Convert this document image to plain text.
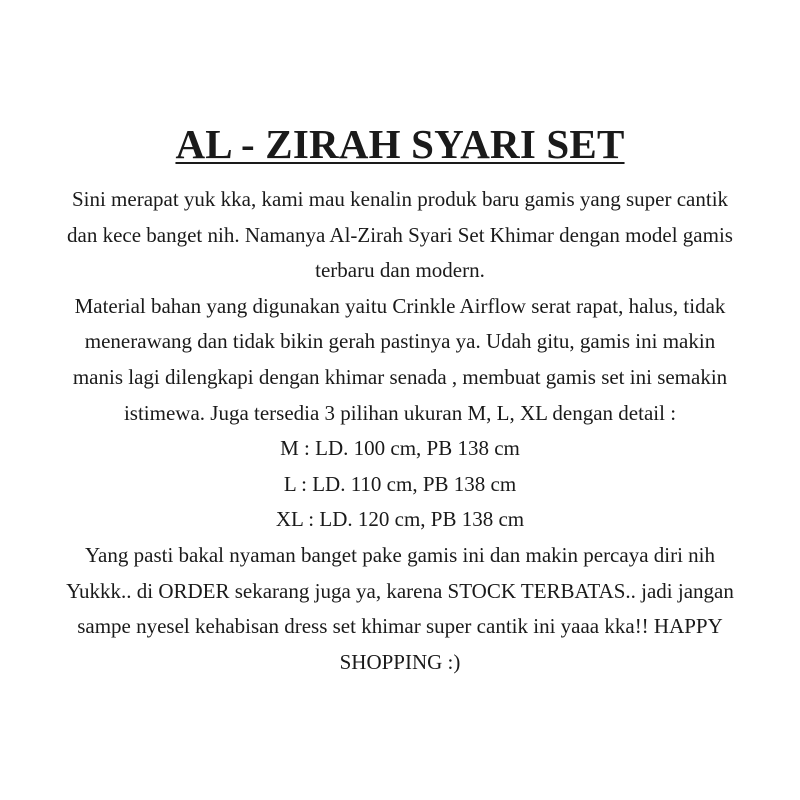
AL - ZIRAH SYARI SET
Sini merapat yuk kka, kami mau kenalin produk baru gamis yang super cantik
dan kece banget nih. Namanya Al-Zirah Syari Set Khimar dengan model gamis
terbaru dan modern.
Material bahan yang digunakan yaitu Crinkle Airflow serat rapat, halus, tidak
menerawang dan tidak bikin gerah pastinya ya. Udah gitu, gamis ini makin
manis lagi dilengkapi dengan khimar senada , membuat gamis set ini semakin
istimewa. Juga tersedia 3 pilihan ukuran M, L, XL dengan detail :
M : LD. 100 cm, PB 138 cm
L : LD. 110 cm, PB 138 cm
XL : LD. 120 cm, PB 138 cm
Yang pasti bakal nyaman banget pake gamis ini dan makin percaya diri nih
Yukkk.. di ORDER sekarang juga ya, karena STOCK TERBATAS.. jadi jangan
sampe nyesel kehabisan dress set khimar super cantik ini yaaa kka!! HAPPY
SHOPPING :)
